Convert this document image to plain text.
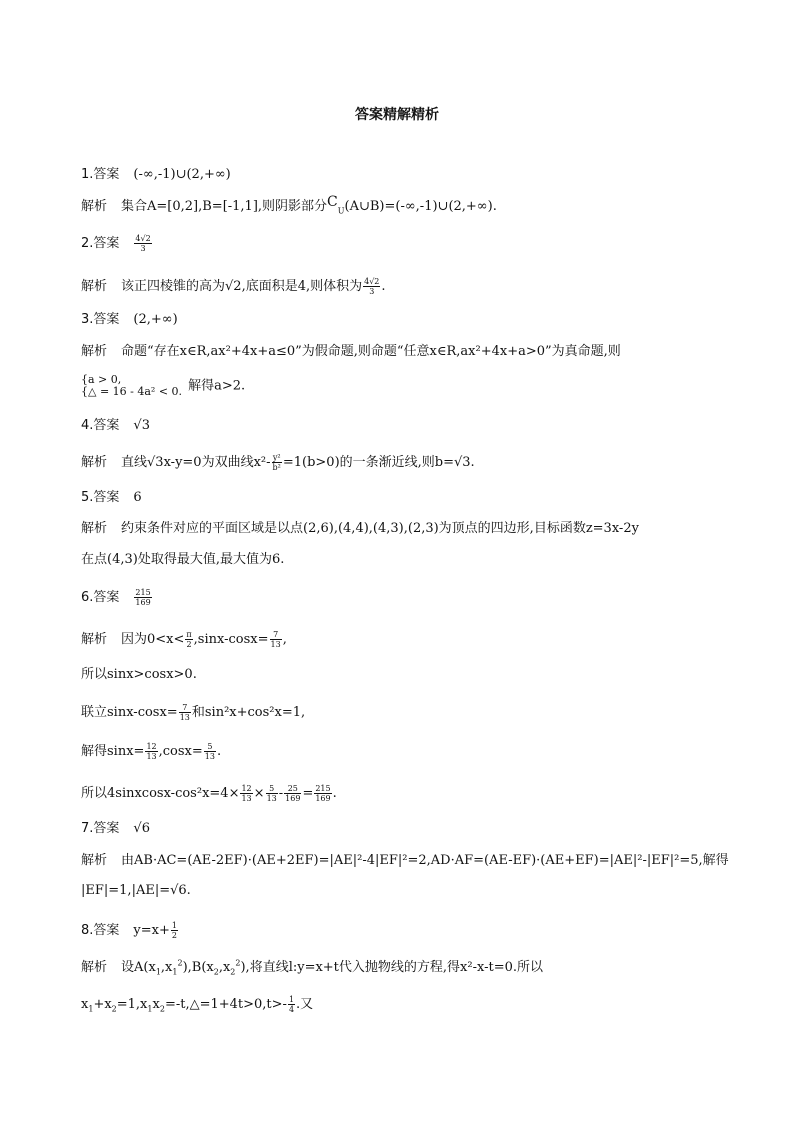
答案精解精析
1.答案 (-∞,-1)∪(2,+∞)
解析 集合A=[0,2],B=[-1,1],则阴影部分$C_U(A\cup B)=(-\infty,-1)\cup(2,+\infty)$.
2.答案 $\frac{4√2}{3}$
解析 该正四棱锥的高为√2,底面积是4,则体积为 $\frac{4√2}{3}$ .
3.答案 (2,+∞)
解析 命题“存在x∈R,ax²+4x+a≤0”为假命题,则命题“任意x∈R,ax²+4x+a>0”为真命题,则
{a > 0,
{△ = 16 - 4a² < 0. 解得a>2.
4.答案 √3
解析 直线√3x-y=0为双曲线$x^2- \frac{\text{y²}}{\text{b²}} =1(b>0)$的一条渐近线,则b=√3.
5.答案 6
解析 约束条件对应的平面区域是以点(2,6),(4,4),(4,3),(2,3)为顶点的四边形,目标函数z=3x-2y
在点(4,3)处取得最大值,最大值为6.
6.答案 $\frac{215}{169}$
解析 因为$0<x< \frac{\pi}{2} ,\sin x-\cos x= \frac{7}{13}$ ,
所以sinx>cosx>0.
联立$\sin x-\cos x= \frac{7}{13}$ 和sin²x+cos²x=1,
解得$\sin x= \frac{12}{13} ,\cos x= \frac{5}{13}$ .
所以4sinxcosx-cos²x=4× $\frac{12}{13} \times \frac{5}{13} - \frac{25}{169} = \frac{215}{169}$ .
7.答案 √6
解析 由AB·AC=(AE-2EF)·(AE+2EF)=|AE|²-4|EF|²=2,AD·AF=(AE-EF)·(AE+EF)=|AE|²-|EF|²=5,解得
|EF|=1,|AE|=√6.
8.答案 $y=x+ \frac{1}{2}$
解析 设$A(x_1,x_1^2),B(x_2,x_2^2)$,将直线l:y=x+t代入抛物线的方程,得x²-x-t=0.所以
$x_1+x_2=1,x_1x_2=-t,\triangle=1+4t>0,t>- \frac{1}{4}$ .又
